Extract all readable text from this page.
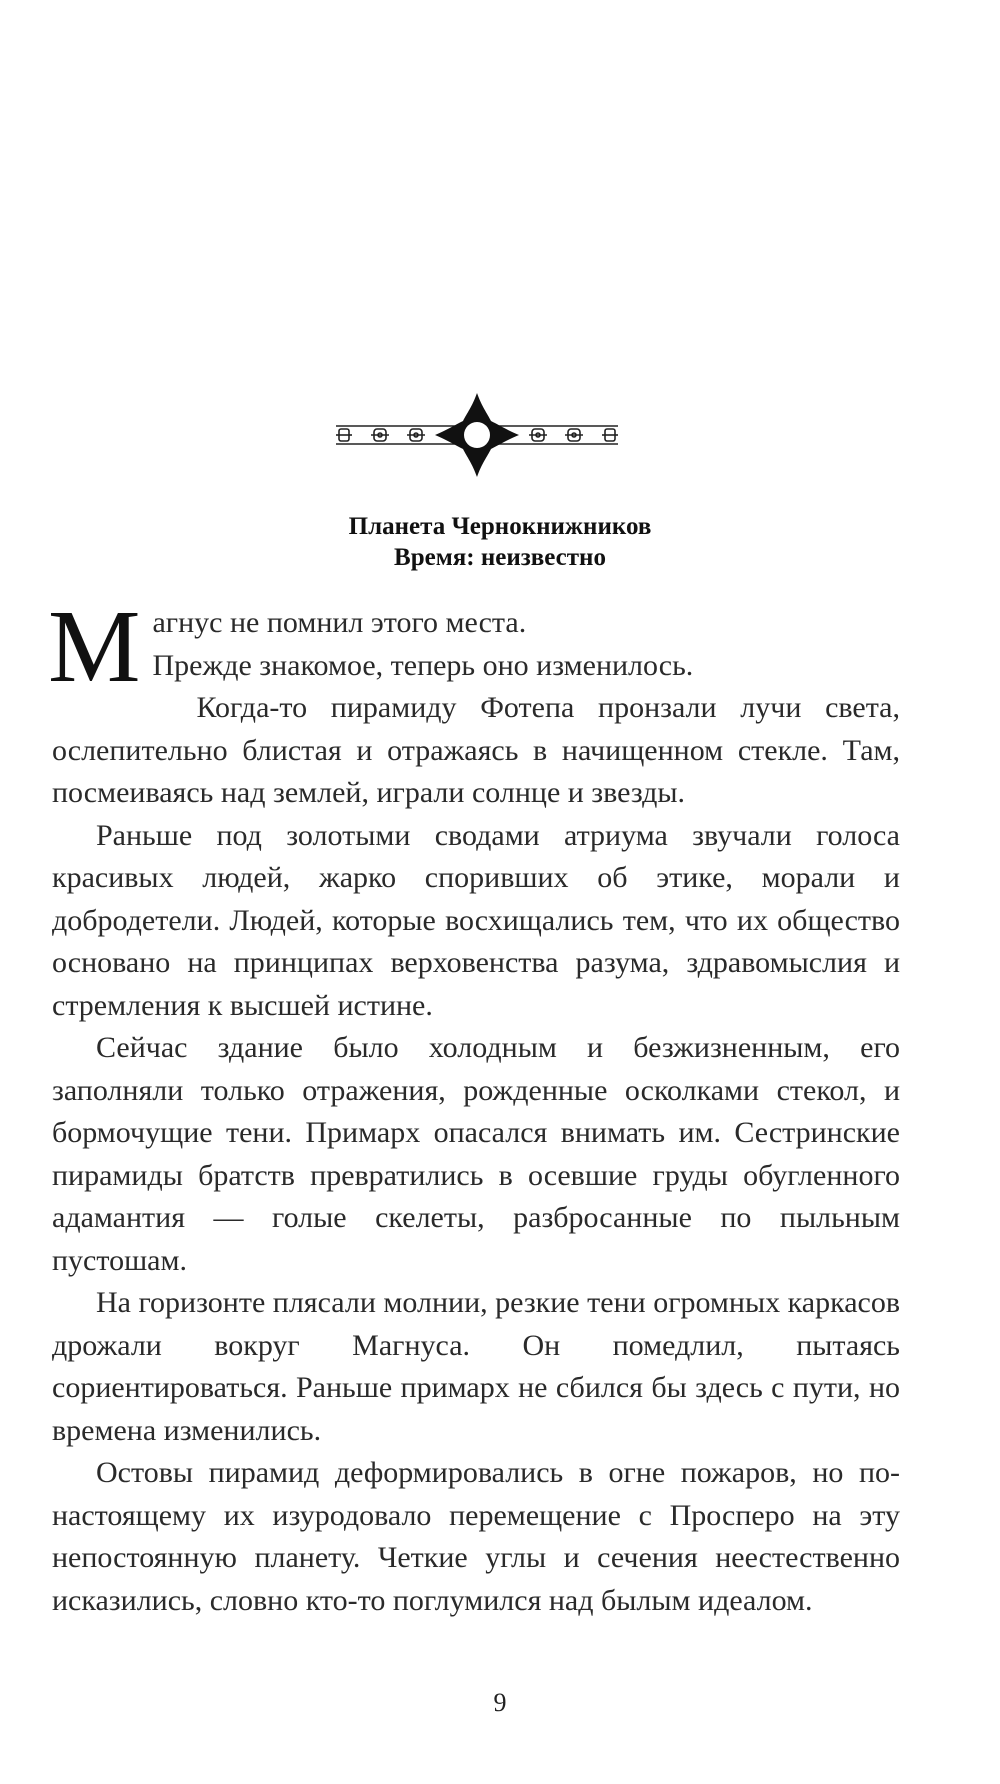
Планета Чернокнижников
Время: неизвестно

Магнус не помнил этого места.
Прежде знакомое, теперь оно изменилось.

Когда-то пирамиду Фотепа пронзали лучи света, ослепительно блистая и отражаясь в начищенном стекле. Там, посмеиваясь над землей, играли солнце и звезды.

Раньше под золотыми сводами атриума звучали голоса красивых людей, жарко спoривших об этике, морали и добродетели. Людей, которые восхищались тем, что их общество основано на принципах верховенства разума, здравомыслия и стремления к высшей истине.

Сейчас здание было холодным и безжизненным, его заполняли только отражения, рожденные осколками стекол, и бормочущие тени. Примарх опасался внимать им. Сестринские пирамиды братств превратились в осевшие груды обугленного адамантия — голые скелеты, разбросанные по пыльным пустошам.

На горизонте плясали молнии, резкие тени огромных каркасов дрожали вокруг Магнуса. Он помедлил, пытаясь сориентироваться. Раньше примарх не сбился бы здесь с пути, но времена изменились.

Остовы пирамид деформировались в огне пожаров, но по-настоящему их изуродовало перемещение с Просперо на эту непостоянную планету. Четкие углы и сечения неестественно исказились, словно кто-то поглумился над былым идеалом.

9
